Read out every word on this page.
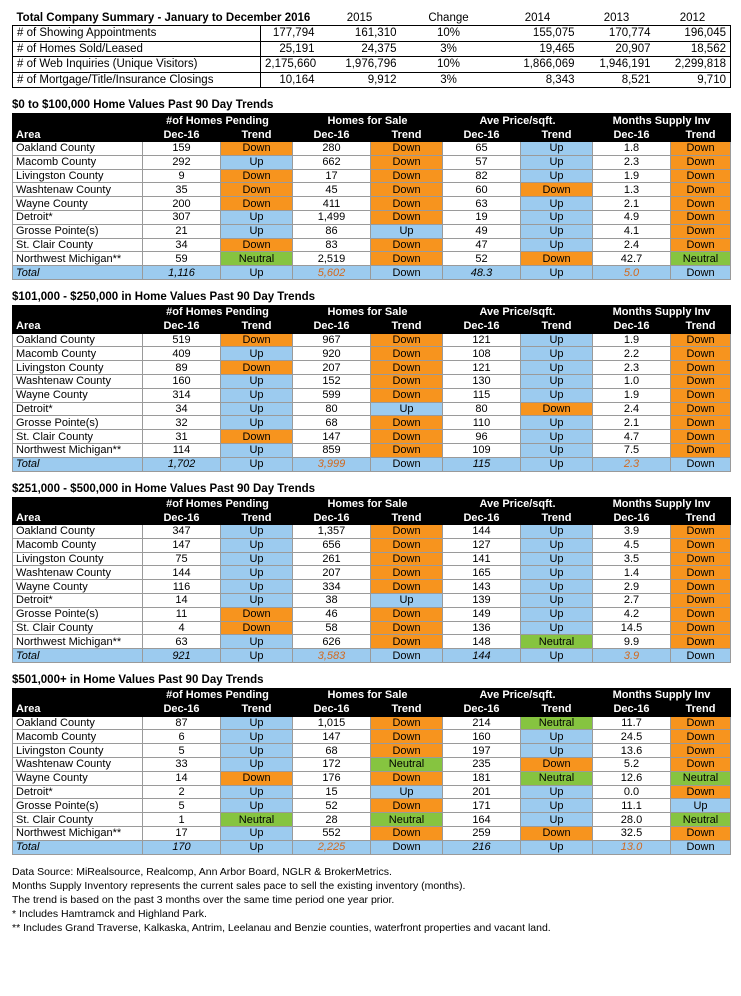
Total Company Summary - January to December 2016		2015	Change	2014	2013	2012
# of Showing Appointments	177,794	161,310	10%	155,075	170,774	196,045
# of Homes Sold/Leased	25,191	24,375	3%	19,465	20,907	18,562
# of Web Inquiries (Unique Visitors)	2,175,660	1,976,796	10%	1,866,069	1,946,191	2,299,818
# of Mortgage/Title/Insurance Closings	10,164	9,912	3%	8,343	8,521	9,710
$0 to $100,000 Home Values Past 90 Day Trends
	#of Homes Pending		Homes for Sale		Ave Price/sqft.		Months Supply Inv	
Area	Dec-16	Trend	Dec-16	Trend	Dec-16	Trend	Dec-16	Trend
Oakland County	159	Down	280	Down	65	Up	1.8	Down
Macomb County	292	Up	662	Down	57	Up	2.3	Down
Livingston County	9	Down	17	Down	82	Up	1.9	Down
Washtenaw County	35	Down	45	Down	60	Down	1.3	Down
Wayne County	200	Down	411	Down	63	Up	2.1	Down
Detroit*	307	Up	1,499	Down	19	Up	4.9	Down
Grosse Pointe(s)	21	Up	86	Up	49	Up	4.1	Down
St. Clair County	34	Down	83	Down	47	Up	2.4	Down
Northwest Michigan**	59	Neutral	2,519	Down	52	Down	42.7	Neutral
Total	1,116	Up	5,602	Down	48.3	Up	5.0	Down
$101,000 - $250,000 in Home Values Past 90 Day Trends
	#of Homes Pending		Homes for Sale		Ave Price/sqft.		Months Supply Inv	
Area	Dec-16	Trend	Dec-16	Trend	Dec-16	Trend	Dec-16	Trend
Oakland County	519	Down	967	Down	121	Up	1.9	Down
Macomb County	409	Up	920	Down	108	Up	2.2	Down
Livingston County	89	Down	207	Down	121	Up	2.3	Down
Washtenaw County	160	Up	152	Down	130	Up	1.0	Down
Wayne County	314	Up	599	Down	115	Up	1.9	Down
Detroit*	34	Up	80	Up	80	Down	2.4	Down
Grosse Pointe(s)	32	Up	68	Down	110	Up	2.1	Down
St. Clair County	31	Down	147	Down	96	Up	4.7	Down
Northwest Michigan**	114	Up	859	Down	109	Up	7.5	Down
Total	1,702	Up	3,999	Down	115	Up	2.3	Down
$251,000 - $500,000 in Home Values Past 90 Day Trends
	#of Homes Pending		Homes for Sale		Ave Price/sqft.		Months Supply Inv	
Area	Dec-16	Trend	Dec-16	Trend	Dec-16	Trend	Dec-16	Trend
Oakland County	347	Up	1,357	Down	144	Up	3.9	Down
Macomb County	147	Up	656	Down	127	Up	4.5	Down
Livingston County	75	Up	261	Down	141	Up	3.5	Down
Washtenaw County	144	Up	207	Down	165	Up	1.4	Down
Wayne County	116	Up	334	Down	143	Up	2.9	Down
Detroit*	14	Up	38	Up	139	Up	2.7	Down
Grosse Pointe(s)	11	Down	46	Down	149	Up	4.2	Down
St. Clair County	4	Down	58	Down	136	Up	14.5	Down
Northwest Michigan**	63	Up	626	Down	148	Neutral	9.9	Down
Total	921	Up	3,583	Down	144	Up	3.9	Down
$501,000+ in Home Values Past 90 Day Trends
	#of Homes Pending		Homes for Sale		Ave Price/sqft.		Months Supply Inv	
Area	Dec-16	Trend	Dec-16	Trend	Dec-16	Trend	Dec-16	Trend
Oakland County	87	Up	1,015	Down	214	Neutral	11.7	Down
Macomb County	6	Up	147	Down	160	Up	24.5	Down
Livingston County	5	Up	68	Down	197	Up	13.6	Down
Washtenaw County	33	Up	172	Neutral	235	Down	5.2	Down
Wayne County	14	Down	176	Down	181	Neutral	12.6	Neutral
Detroit*	2	Up	15	Up	201	Up	0.0	Down
Grosse Pointe(s)	5	Up	52	Down	171	Up	11.1	Up
St. Clair County	1	Neutral	28	Neutral	164	Up	28.0	Neutral
Northwest Michigan**	17	Up	552	Down	259	Down	32.5	Down
Total	170	Up	2,225	Down	216	Up	13.0	Down
Data Source: MiRealsource, Realcomp, Ann Arbor Board, NGLR & BrokerMetrics.
Months Supply Inventory represents the current sales pace to sell the existing inventory (months).
The trend is based on the past 3 months over the same time period one year prior.
* Includes Hamtramck and Highland Park.
** Includes Grand Traverse, Kalkaska, Antrim, Leelanau and Benzie counties, waterfront properties and vacant land.
